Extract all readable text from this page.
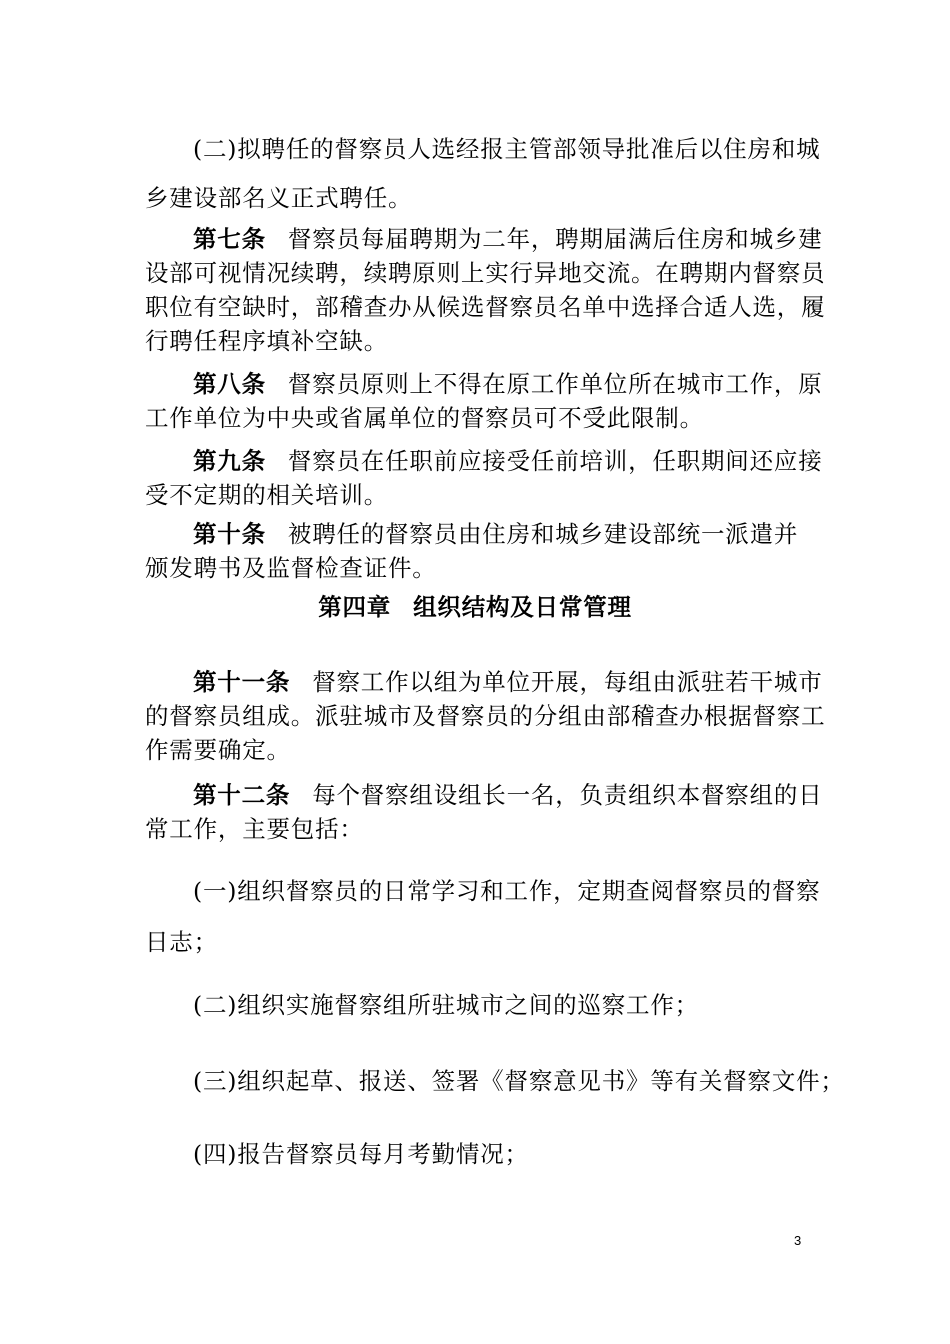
(二)拟聘任的督察员人选经报主管部领导批准后以住房和城
乡建设部名义正式聘任。
第七条 督察员每届聘期为二年，聘期届满后住房和城乡建
设部可视情况续聘，续聘原则上实行异地交流。在聘期内督察员
职位有空缺时，部稽查办从候选督察员名单中选择合适人选，履
行聘任程序填补空缺。
第八条 督察员原则上不得在原工作单位所在城市工作，原
工作单位为中央或省属单位的督察员可不受此限制。
第九条 督察员在任职前应接受任前培训，任职期间还应接
受不定期的相关培训。
第十条 被聘任的督察员由住房和城乡建设部统一派遣并
颁发聘书及监督检查证件。
第四章 组织结构及日常管理
第十一条 督察工作以组为单位开展，每组由派驻若干城市
的督察员组成。派驻城市及督察员的分组由部稽查办根据督察工
作需要确定。
第十二条 每个督察组设组长一名，负责组织本督察组的日
常工作，主要包括：
(一)组织督察员的日常学习和工作，定期查阅督察员的督察
日志；
(二)组织实施督察组所驻城市之间的巡察工作；
(三)组织起草、报送、签署《督察意见书》等有关督察文件；
(四)报告督察员每月考勤情况；
3
